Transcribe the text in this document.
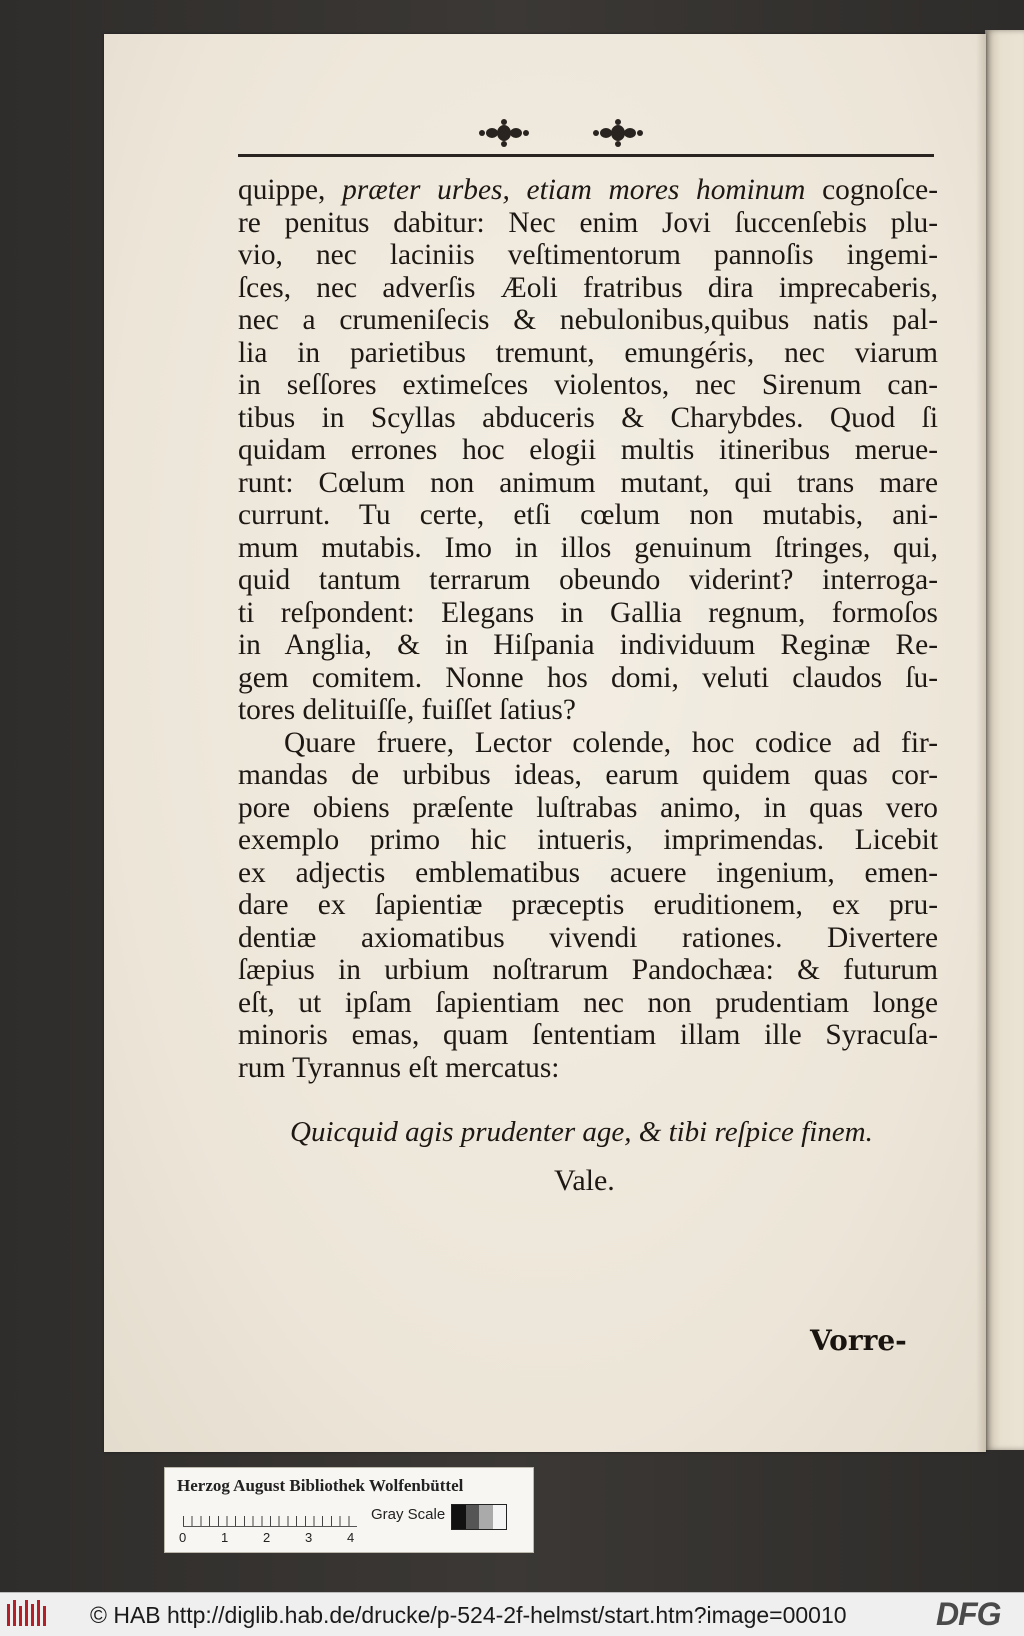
quippe, præter urbes, etiam mores hominum cognoſce-
re penitus dabitur: Nec enim Jovi ſuccenſebis plu-
vio, nec laciniis veſtimentorum pannoſis ingemi-
ſces, nec adverſis Æoli fratribus dira imprecaberis,
nec a crumeniſecis & nebulonibus,quibus natis pal-
lia in parietibus tremunt, emungéris, nec viarum
in seſſores extimeſces violentos, nec Sirenum can-
tibus in Scyllas abduceris & Charybdes. Quod ſi
quidam errones hoc elogii multis itineribus merue-
runt: Cœlum non animum mutant, qui trans mare
currunt. Tu certe, etſi cœlum non mutabis, ani-
mum mutabis. Imo in illos genuinum ſtringes, qui,
quid tantum terrarum obeundo viderint? interroga-
ti reſpondent: Elegans in Gallia regnum, formoſos
in Anglia, & in Hiſpania individuum Reginæ Re-
gem comitem. Nonne hos domi, veluti claudos ſu-
tores delituiſſe, fuiſſet ſatius?
Quare fruere, Lector colende, hoc codice ad fir-
mandas de urbibus ideas, earum quidem quas cor-
pore obiens præſente luſtrabas animo, in quas vero
exemplo primo hic intueris, imprimendas. Licebit
ex adjectis emblematibus acuere ingenium, emen-
dare ex ſapientiæ præceptis eruditionem, ex pru-
dentiæ axiomatibus vivendi rationes. Divertere
ſæpius in urbium noſtrarum Pandochæa: & futurum
eſt, ut ipſam ſapientiam nec non prudentiam longe
minoris emas, quam ſententiam illam ille Syracuſa-
rum Tyrannus eſt mercatus:
Quicquid agis prudenter age, & tibi reſpice finem.
Vale.
Vorre-
Herzog August Bibliothek Wolfenbüttel
0	1	2	3	4
Gray Scale
© HAB http://diglib.hab.de/drucke/p-524-2f-helmst/start.htm?image=00010	DFG
